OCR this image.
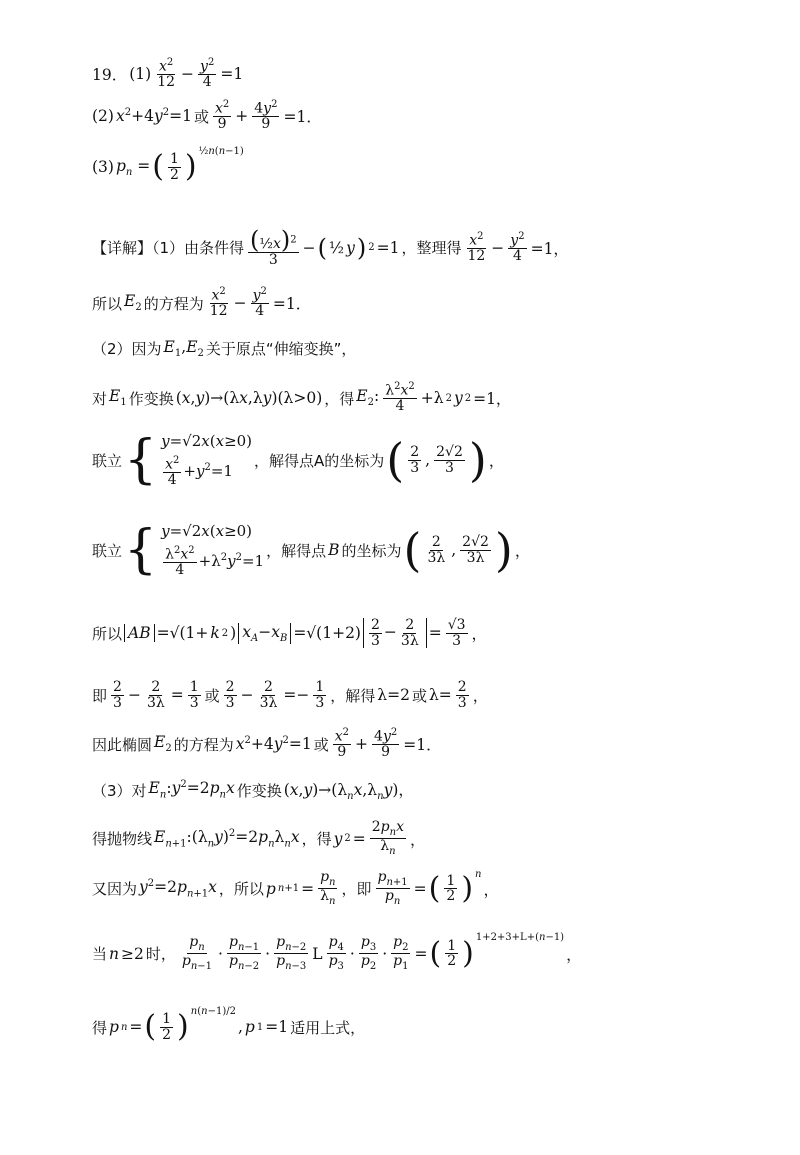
19． $(1) \frac{x^2}{12} - \frac{y^2}{4} =1$
(2) $x^2+4y^2=1$ 或 $\frac{x^2}{9} + \frac{4y^2}{9} =1$．
(3) $p_n$ = ( $\frac{1}{2} )^{\frac{1}{2}n(n-1)}$
【详解】（1）由条件得 $\frac{(\frac{1}{2}x)^2}{3}$ − ( ½ y ) 2 =1 ，整理得 $\frac{x^2}{12} - \frac{y^2}{4} =1$，
所以 $E_2$ 的方程为 $\frac{x^2}{12} - \frac{y^2}{4} =1$．
（2）因为 $E_1,E_2$ 关于原点“伸缩变换”，
对 $E_1$ 作变换 (x,y)→(λx,λy)(λ>0) ，得 $E_2$: $\frac{\lambda^2x^2}{4} +\lambda$ 2 y 2 =1，
联立 { y=√2x(x≥0)
$\frac{x^2}{4} +y^2=1$
，解得点A的坐标为 ( $\frac{2}{3}$ , $\frac{2√2}{3}$ ) ，
联立 { y=√2x(x≥0)
$\frac{\lambda^2x^2}{4} +\lambda^2y^2=1$
，解得点 B 的坐标为 ( $\frac{2}{3\lambda}$ , $\frac{2√2}{3\lambda}$ ) ，
所以 AB =√(1+ k 2 ) $x_A-x_B =√(1+2) \frac{2}{3} - \frac{2}{3\lambda} = \frac{√3}{3}$ ，
即 $\frac{2}{3} - \frac{2}{3\lambda} = \frac{1}{3}$ 或 $\frac{2}{3} - \frac{2}{3\lambda} =- \frac{1}{3}$ ，解得 λ=2 或 $\lambda= \frac{2}{3}$ ，
因此椭圆 $E_2$ 的方程为 $x^2+4y^2=1$ 或 $\frac{x^2}{9} + \frac{4y^2}{9} =1$．
（3）对 $E_n:y^2=2p_nx$ 作变换 $(x,y)\to(\lambda_nx,\lambda_ny)$，
得抛物线 $E_{n+1}:(\lambda_ny)^2=2p_n\lambda_nx$ ，得 y $2 = \frac{2p_nx}{\lambda_n}$ ，
又因为 $y^2=2p_{n+1}x$ ，所以 p $n+1 = \frac{p_n}{\lambda_n}$ ，即 $\frac{p_{n+1}}{p_n}$ = ( $\frac{1}{2}$ ) $^n$
，
当 n ≥2 时， $\frac{p_n}{p_{n-1}} \cdot \frac{p_{n-1}}{p_{n-2}} \cdot \frac{p_{n-2}}{p_{n-3}}$ L $\frac{p_4}{p_3} \cdot \frac{p_3}{p_2} \cdot \frac{p_2}{p_1}$ = ( $\frac{1}{2} )^{1+2+3+L+(n-1)}$
，
得 p n = ( $\frac{1}{2}$ ) $^{n(n-1)/2}$
, p 1 =1 适用上式，
